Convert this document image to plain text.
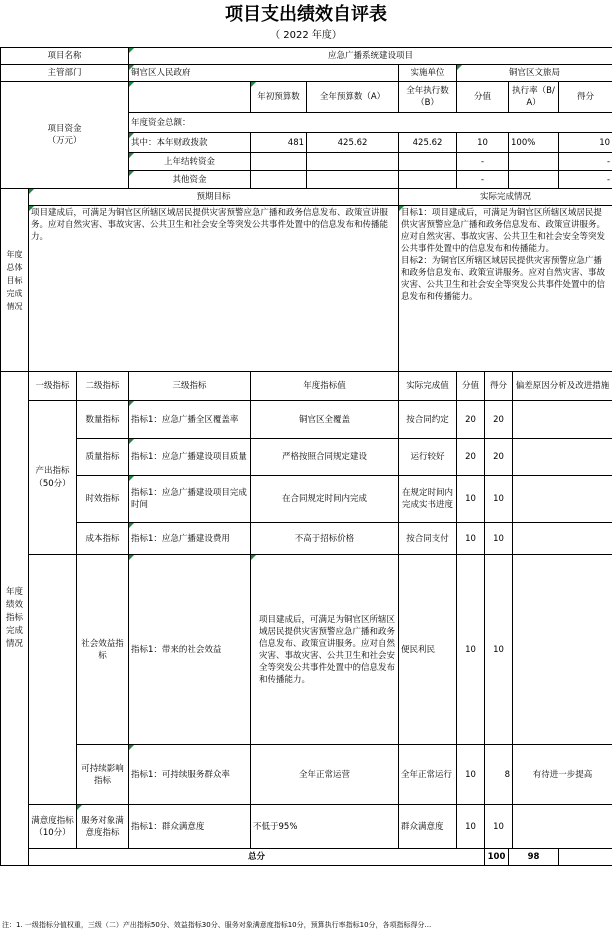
项目支出绩效自评表
（ 2022 年度）
项目名称			应急广播系统建设项目								
主管部门			铜官区人民政府			实施单位	铜官区文旅局				
项目资金
（万元）				年初预算数	全年预算数（A）	全年执行数（B）	分值		执行率（B/A）		得分
			年度资金总额：								
			其中：本年财政拨款	481	425.62	425.62	10		100%		10
			上年结转资金				-				-
			其他资金				-				-
年度总体目标完成情况	预期目标					实际完成情况					
	项目建成后，可满足为铜官区所辖区域居民提供灾害预警应急广播和政务信息发布、政策宣讲服务。应对自然灾害、事故灾害、公共卫生和社会安全等突发公共事件处置中的信息发布和传播能力。					目标1：项目建成后，可满足为铜官区所辖区域居民提供灾害预警应急广播和政务信息发布、政策宣讲服务。应对自然灾害、事故灾害、公共卫生和社会安全等突发公共事件处置中的信息发布和传播能力。
目标2：为铜官区所辖区域居民提供灾害预警应急广播和政务信息发布、政策宣讲服务。应对自然灾害、事故灾害、公共卫生和社会安全等突发公共事件处置中的信息发布和传播能力。					
年度绩效指标完成情况	一级指标	二级指标	三级指标	年度指标值		实际完成值	分值	得分		偏差原因分析及改进措施	
	产出指标（50分）	数量指标	指标1：应急广播全区覆盖率	铜官区全覆盖		按合同约定	20	20			
		质量指标	指标1：应急广播建设项目质量	严格按照合同规定建设		运行较好	20	20			
		时效指标	指标1：应急广播建设项目完成时间	在合同规定时间内完成		在规定时间内完成实书进度	10	10			
		成本指标	指标1：应急广播建设费用	不高于招标价格		按合同支付	10	10			
		社会效益指标	指标1：带来的社会效益	项目建成后，可满足为铜官区所辖区域居民提供灾害预警应急广播和政务信息发布、政策宣讲服务。应对自然灾害、事故灾害、公共卫生和社会安全等突发公共事件处置中的信息发布和传播能力。		便民利民	10	10			
		可持续影响指标	指标1：可持续服务群众率	全年正常运营		全年正常运行	10	8		有待进一步提高	
	满意度指标（10分）	服务对象满意度指标	指标1：群众满意度	不低于95%		群众满意度	10	10			
	总分							100	98		
注：1. 一级指标分值权重，三级（二）产出指标50分、效益指标30分、服务对象满意度指标10分，预算执行率指标10分，各项指标得分...
